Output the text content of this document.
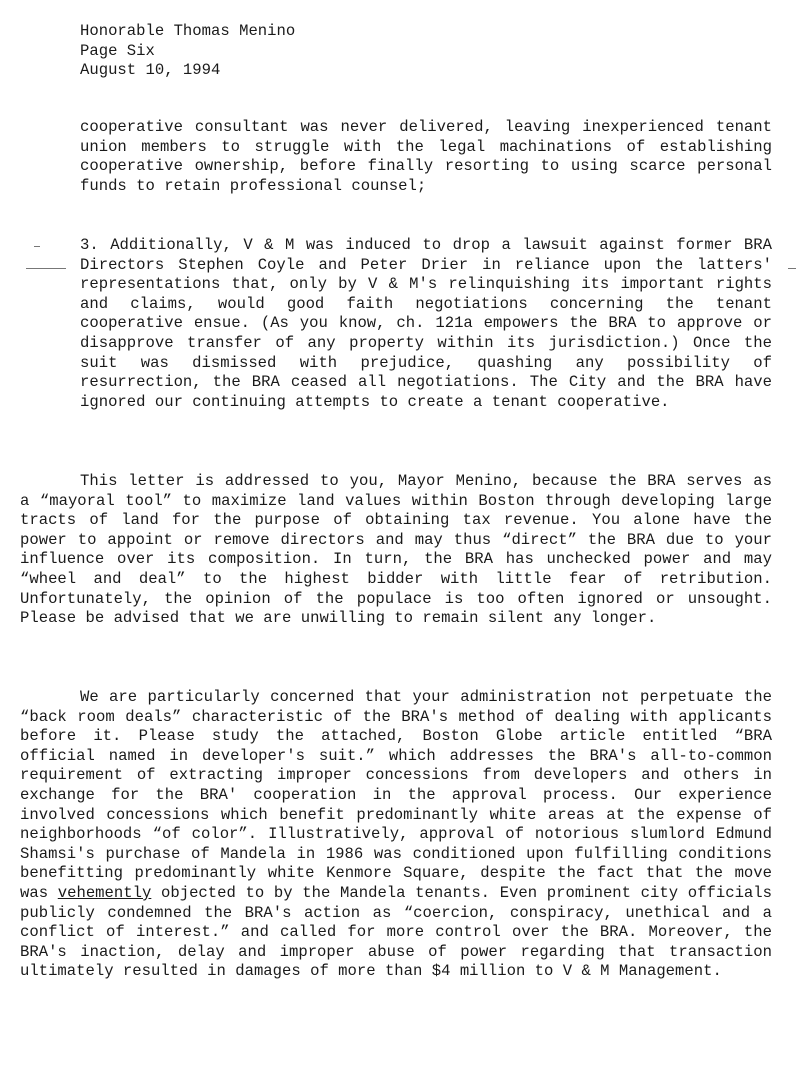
Honorable Thomas Menino
Page Six
August 10, 1994

cooperative consultant was never delivered, leaving inexperienced tenant union members to struggle with the legal machinations of establishing cooperative ownership, before finally resorting to using scarce personal funds to retain professional counsel;

3. Additionally, V & M was induced to drop a lawsuit against former BRA Directors Stephen Coyle and Peter Drier in reliance upon the latters' representations that, only by V & M's relinquishing its important rights and claims, would good faith negotiations concerning the tenant cooperative ensue. (As you know, ch. 121a empowers the BRA to approve or disapprove transfer of any property within its jurisdiction.) Once the suit was dismissed with prejudice, quashing any possibility of resurrection, the BRA ceased all negotiations. The City and the BRA have ignored our continuing attempts to create a tenant cooperative.

This letter is addressed to you, Mayor Menino, because the BRA serves as a “mayoral tool” to maximize land values within Boston through developing large tracts of land for the purpose of obtaining tax revenue. You alone have the power to appoint or remove directors and may thus “direct” the BRA due to your influence over its composition. In turn, the BRA has unchecked power and may “wheel and deal” to the highest bidder with little fear of retribution. Unfortunately, the opinion of the populace is too often ignored or unsought. Please be advised that we are unwilling to remain silent any longer.

We are particularly concerned that your administration not perpetuate the “back room deals” characteristic of the BRA's method of dealing with applicants before it. Please study the attached, Boston Globe article entitled “BRA official named in developer's suit.” which addresses the BRA's all-to-common requirement of extracting improper concessions from developers and others in exchange for the BRA' cooperation in the approval process. Our experience involved concessions which benefit predominantly white areas at the expense of neighborhoods “of color”. Illustratively, approval of notorious slumlord Edmund Shamsi's purchase of Mandela in 1986 was conditioned upon fulfilling conditions benefitting predominantly white Kenmore Square, despite the fact that the move was vehemently objected to by the Mandela tenants. Even prominent city officials publicly condemned the BRA's action as “coercion, conspiracy, unethical and a conflict of interest.” and called for more control over the BRA. Moreover, the BRA's inaction, delay and improper abuse of power regarding that transaction ultimately resulted in damages of more than $4 million to V & M Management.
